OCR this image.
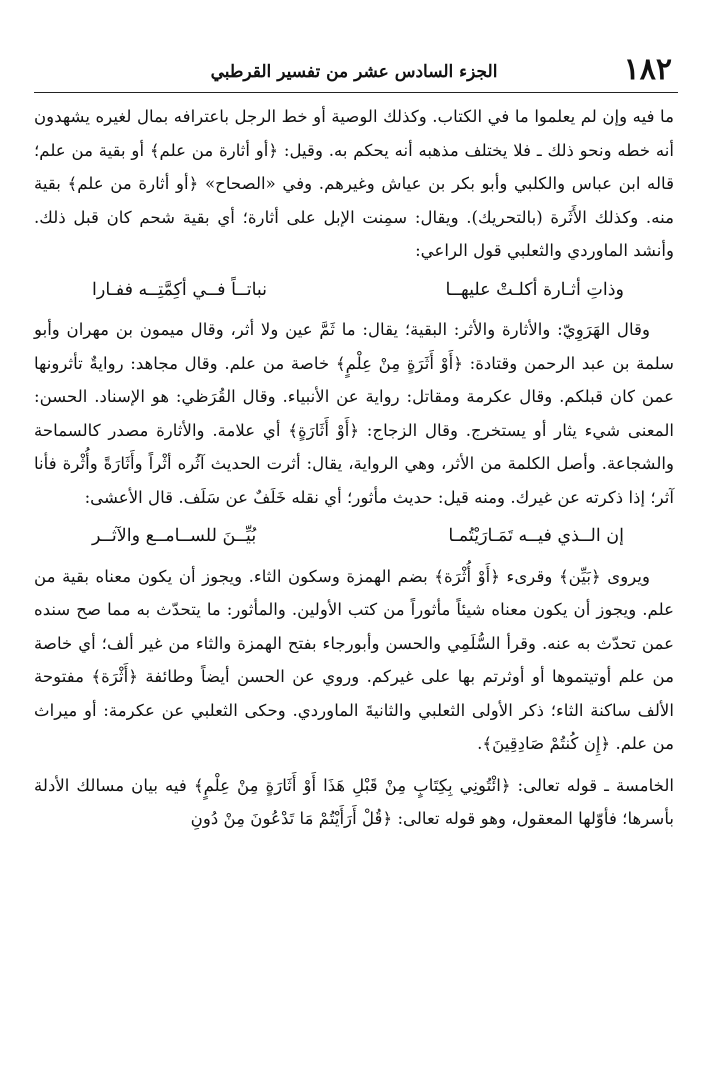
١٨٢
الجزء السادس عشر من تفسير القرطبي

ما فيه وإن لم يعلموا ما في الكتاب. وكذلك الوصية أو خط الرجل باعترافه بمال لغيره يشهدون أنه خطه ونحو ذلك ـ فلا يختلف مذهبه أنه يحكم به. وقيل: ﴿أو أثارة من علم﴾ أو بقية من علم؛ قاله ابن عباس والكلبي وأبو بكر بن عياش وغيرهم. وفي «الصحاح» ﴿أو أثارة من علم﴾ بقية منه. وكذلك الأَثَرة (بالتحريك). ويقال: سمِنت الإبل على أثارة؛ أي بقية شحم كان قبل ذلك. وأنشد الماوردي والثعلبي قول الراعي:

وذاتِ أثـارة أكلـتْ عليهــا
نباتــاً فــي أكِمَّتِــه ففـارا

وقال الهَرَوِيّ: والأثارة والأثر: البقية؛ يقال: ما ثَمَّ عين ولا أثر، وقال ميمون بن مهران وأبو سلمة بن عبد الرحمن وقتادة: ﴿أَوْ أَثَرَةٍ مِنْ عِلْمٍ﴾ خاصة من علم. وقال مجاهد: روايةٌ تأثرونها عمن كان قبلكم. وقال عكرمة ومقاتل: رواية عن الأنبياء. وقال القُرَظي: هو الإسناد. الحسن: المعنى شيء يثار أو يستخرج. وقال الزجاج: ﴿أَوْ أَثَارَةٍ﴾ أي علامة. والأثارة مصدر كالسماحة والشجاعة. وأصل الكلمة من الأثر، وهي الرواية، يقال: أثرت الحديث آثُره أثْراً وأَثَارَةً وأُثْرة فأنا آثر؛ إذا ذكرته عن غيرك. ومنه قيل: حديث مأثور؛ أي نقله خَلَفٌ عن سَلَف. قال الأعشى:

إن الــذي فيــه تَمَـارَيْتُمـا
بُيِّــنَ للســامــع والآثــر

ويروى ﴿بَيِّن﴾ وقرىء ﴿أَوْ أُثْرَة﴾ بضم الهمزة وسكون الثاء. ويجوز أن يكون معناه بقية من علم. ويجوز أن يكون معناه شيئاً مأثوراً من كتب الأولين. والمأثور: ما يتحدّث به مما صح سنده عمن تحدّث به عنه. وقرأ السُّلَمِي والحسن وأبورجاء بفتح الهمزة والثاء من غير ألف؛ أي خاصة من علم أوتيتموها أو أوثرتم بها على غيركم. وروي عن الحسن أيضاً وطائفة ﴿أَثْرَة﴾ مفتوحة الألف ساكنة الثاء؛ ذكر الأولى الثعلبي والثانيةَ الماوردي. وحكى الثعلبي عن عكرمة: أو ميراث من علم. ﴿إِن كُنتُمْ صَادِقِينَ﴾.

الخامسة ـ قوله تعالى: ﴿ائْتُونِي بِكِتَابٍ مِنْ قَبْلِ هَذَا أَوْ أَثَارَةٍ مِنْ عِلْمٍ﴾ فيه بيان مسالك الأدلة بأسرها؛ فأوّلها المعقول، وهو قوله تعالى: ﴿قُلْ أَرَأَيْتُمْ مَا تَدْعُونَ مِنْ دُونِ
